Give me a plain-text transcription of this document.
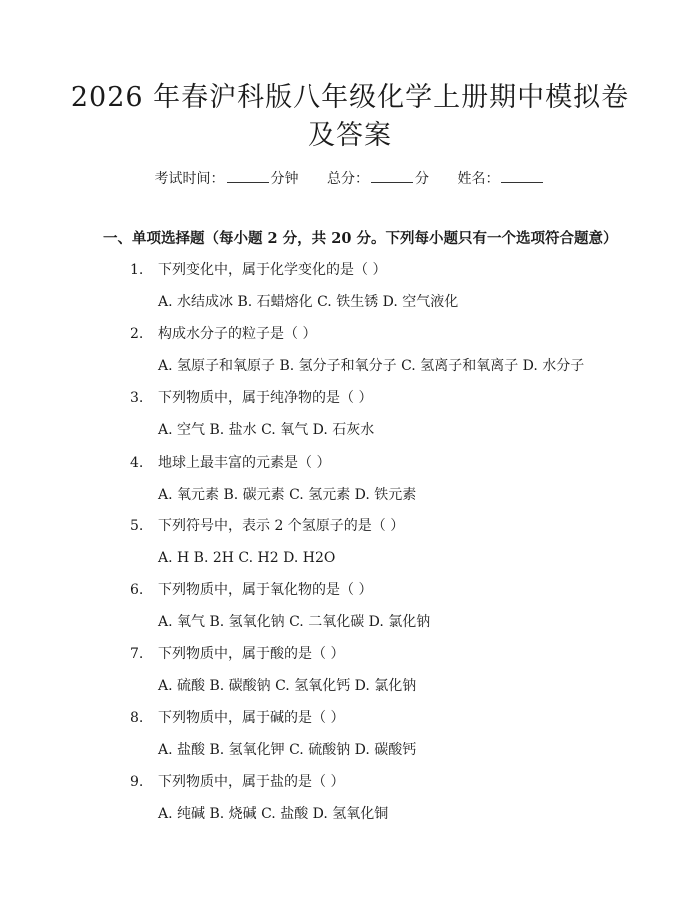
2026 年春沪科版八年级化学上册期中模拟卷
及答案
考试时间：	分钟 总分：	分 姓名：
一、单项选择题（每小题 2 分，共 20 分。下列每小题只有一个选项符合题意）
1. 下列变化中，属于化学变化的是（ ）
A. 水结成冰 B. 石蜡熔化 C. 铁生锈 D. 空气液化
2. 构成水分子的粒子是（ ）
A. 氢原子和氧原子 B. 氢分子和氧分子 C. 氢离子和氧离子 D. 水分子
3. 下列物质中，属于纯净物的是（ ）
A. 空气 B. 盐水 C. 氧气 D. 石灰水
4. 地球上最丰富的元素是（ ）
A. 氧元素 B. 碳元素 C. 氢元素 D. 铁元素
5. 下列符号中，表示 2 个氢原子的是（ ）
A. H B. 2H C. H2 D. H2O
6. 下列物质中，属于氧化物的是（ ）
A. 氧气 B. 氢氧化钠 C. 二氧化碳 D. 氯化钠
7. 下列物质中，属于酸的是（ ）
A. 硫酸 B. 碳酸钠 C. 氢氧化钙 D. 氯化钠
8. 下列物质中，属于碱的是（ ）
A. 盐酸 B. 氢氧化钾 C. 硫酸钠 D. 碳酸钙
9. 下列物质中，属于盐的是（ ）
A. 纯碱 B. 烧碱 C. 盐酸 D. 氢氧化铜
